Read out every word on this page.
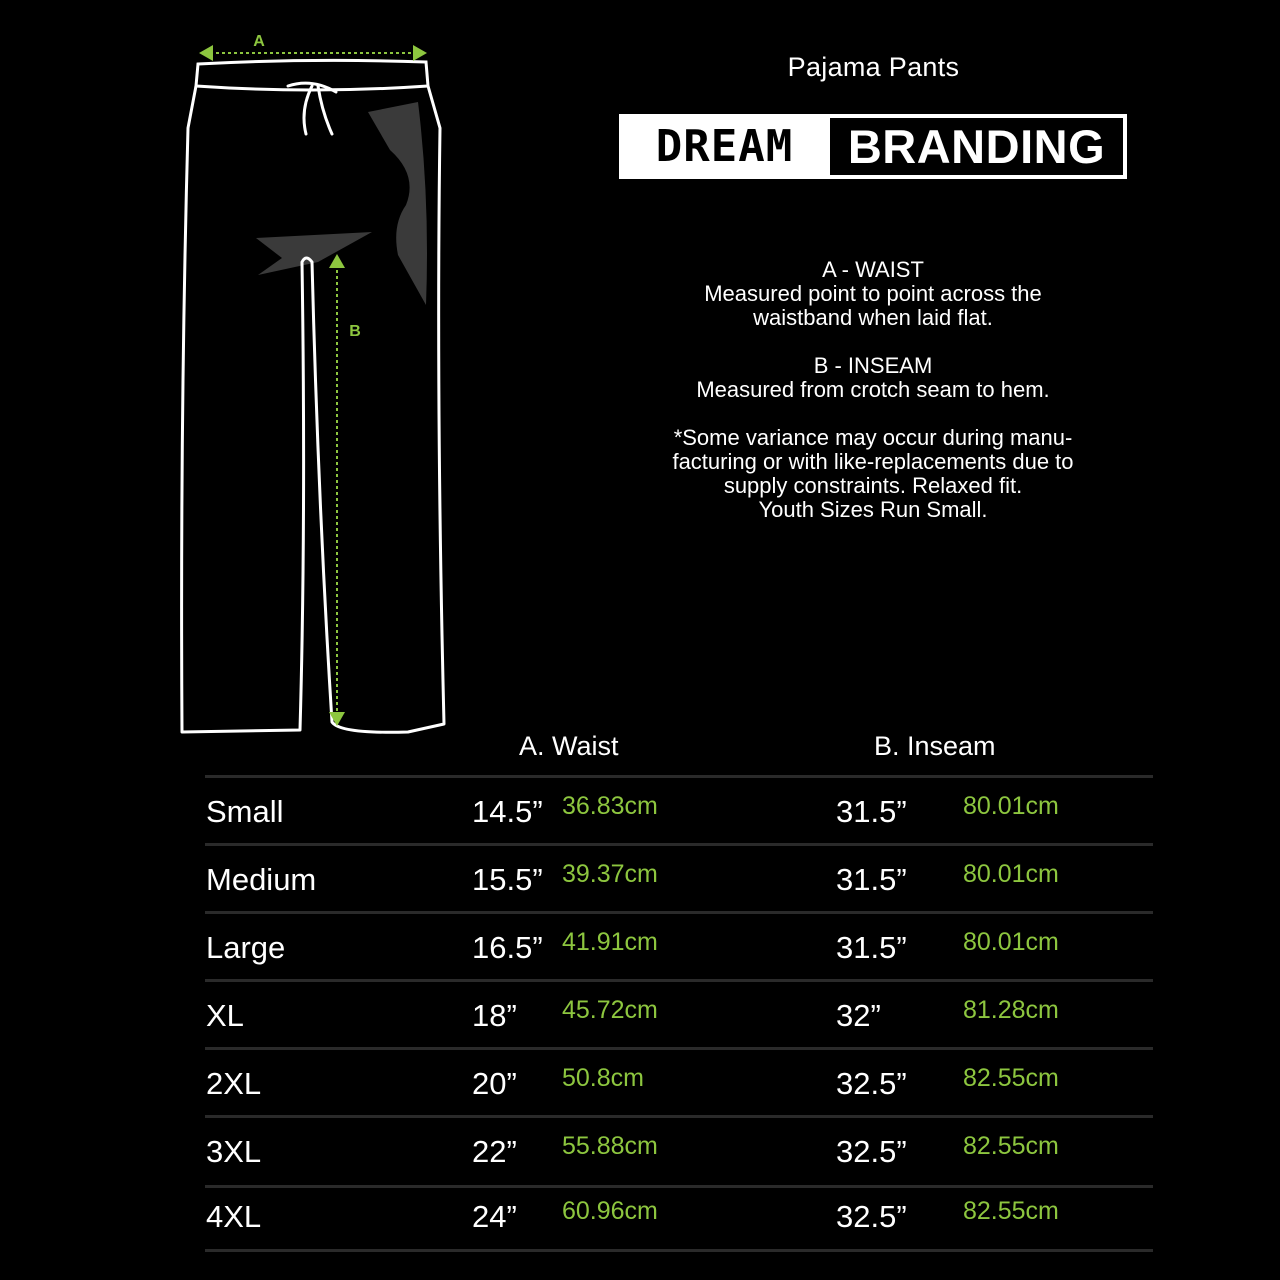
A
B
Pajama Pants
DREAM	BRANDING
A - WAIST
Measured point to point across the
waistband when laid flat.
B - INSEAM
Measured from crotch seam to hem.
*Some variance may occur during manu-
facturing or with like-replacements due to
supply constraints. Relaxed fit.
Youth Sizes Run Small.
A. Waist	B. Inseam
Small	14.5” 36.83cm	31.5” 80.01cm
Medium	15.5” 39.37cm	31.5” 80.01cm
Large	16.5” 41.91cm	31.5” 80.01cm
XL	18” 45.72cm	32”	81.28cm
2XL	20” 50.8cm	32.5” 82.55cm
3XL	22” 55.88cm	32.5” 82.55cm
4XL	24” 60.96cm	32.5” 82.55cm
